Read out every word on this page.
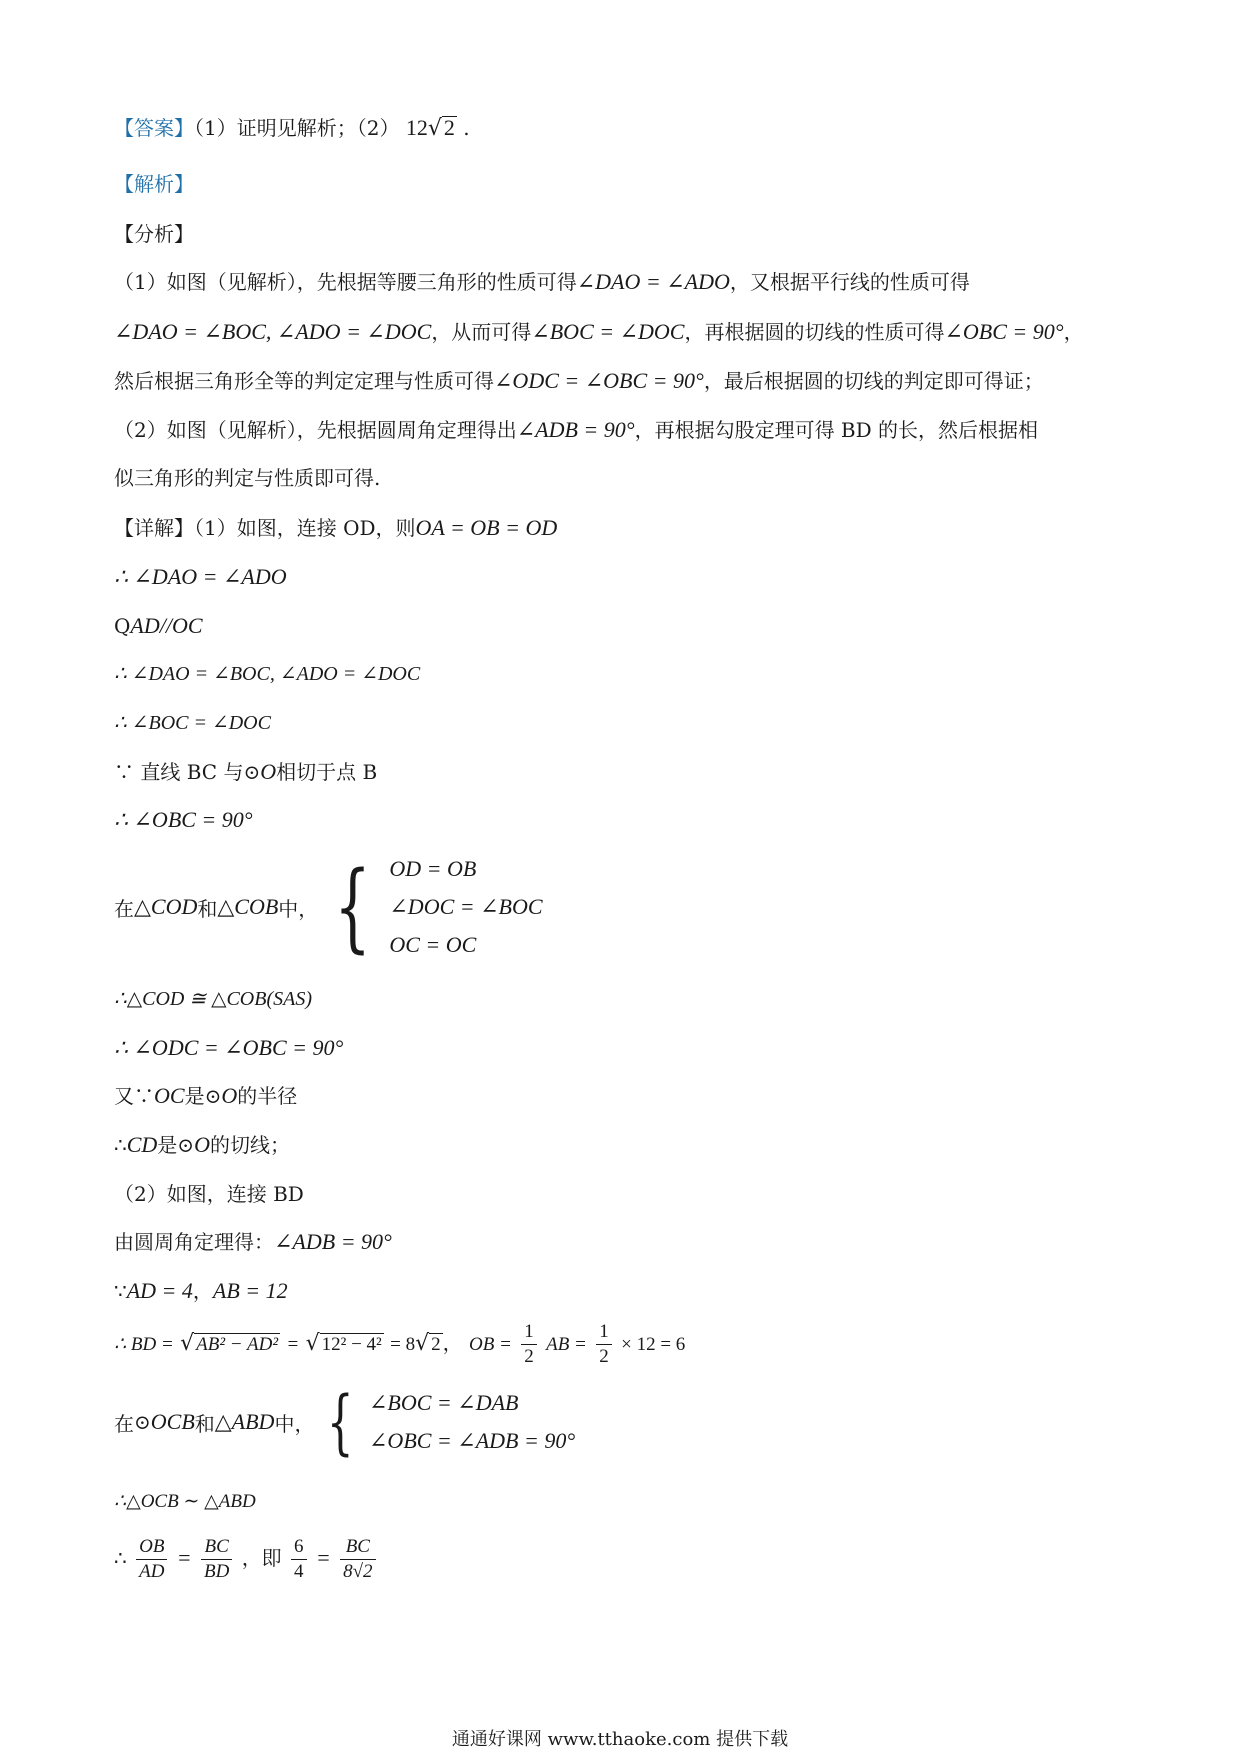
【答案】（1）证明见解析；（2） 12√2 .
【解析】
【分析】
（1）如图（见解析），先根据等腰三角形的性质可得∠DAO = ∠ADO，又根据平行线的性质可得
∠DAO = ∠BOC, ∠ADO = ∠DOC，从而可得∠BOC = ∠DOC，再根据圆的切线的性质可得∠OBC = 90°，
然后根据三角形全等的判定定理与性质可得∠ODC = ∠OBC = 90°，最后根据圆的切线的判定即可得证；
（2）如图（见解析），先根据圆周角定理得出∠ADB = 90°，再根据勾股定理可得 BD 的长，然后根据相
似三角形的判定与性质即可得.
【详解】（1）如图，连接 OD，则OA = OB = OD
∴ ∠DAO = ∠ADO
QAD//OC
∴ ∠DAO = ∠BOC, ∠ADO = ∠DOC
∴ ∠BOC = ∠DOC
∵ 直线 BC 与⊙O相切于点 B
∴ ∠OBC = 90°
在 △COD 和 △COB 中， { OD = OB
∠DOC = ∠BOC
OC = OC
∴△COD ≅ △COB(SAS)
∴ ∠ODC = ∠OBC = 90°
又∵OC是⊙O的半径
∴CD是⊙O的切线；
（2）如图，连接 BD
由圆周角定理得：∠ADB = 90°
∵AD = 4，AB = 12
∴ BD = √ AB² − AD² = √ 12² − 4² = 8√ 2 ， OB = $\frac{1}{2}$ AB = $\frac{1}{2} \times 12 = 6$
在 ⊙ OCB 和 △ABD 中， { ∠BOC = ∠DAB
∠OBC = ∠ADB = 90°
∴△OCB ∼ △ABD
∴ $\frac{OB}{AD} = \frac{BC}{BD}$ ，即 $\frac{6}{4} = \frac{BC}{8√2}$
通通好课网 www.tthaoke.com 提供下载
